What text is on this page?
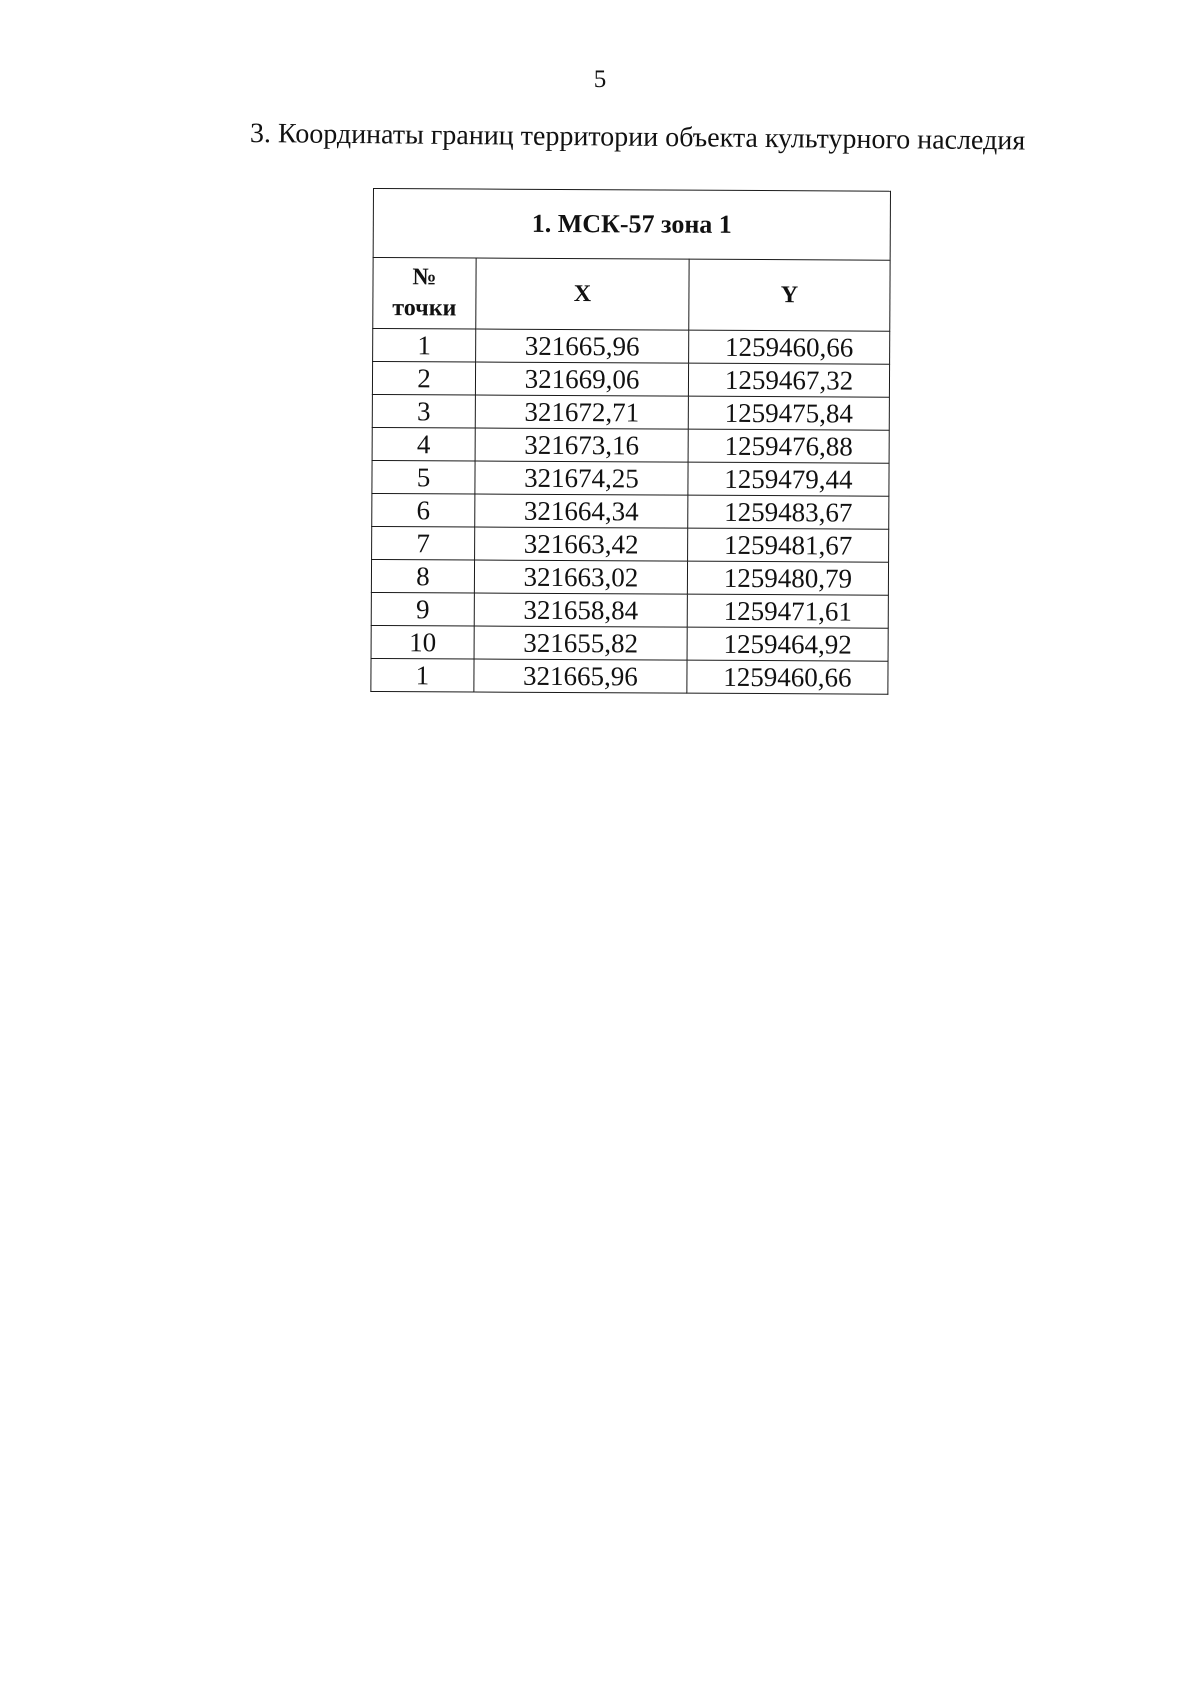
5
3. Координаты границ территории объекта культурного наследия
1. МСК-57 зона 1		

№
точки	X	Y
1	321665,96	1259460,66
2	321669,06	1259467,32
3	321672,71	1259475,84
4	321673,16	1259476,88
5	321674,25	1259479,44
6	321664,34	1259483,67
7	321663,42	1259481,67
8	321663,02	1259480,79
9	321658,84	1259471,61
10	321655,82	1259464,92
1	321665,96	1259460,66
